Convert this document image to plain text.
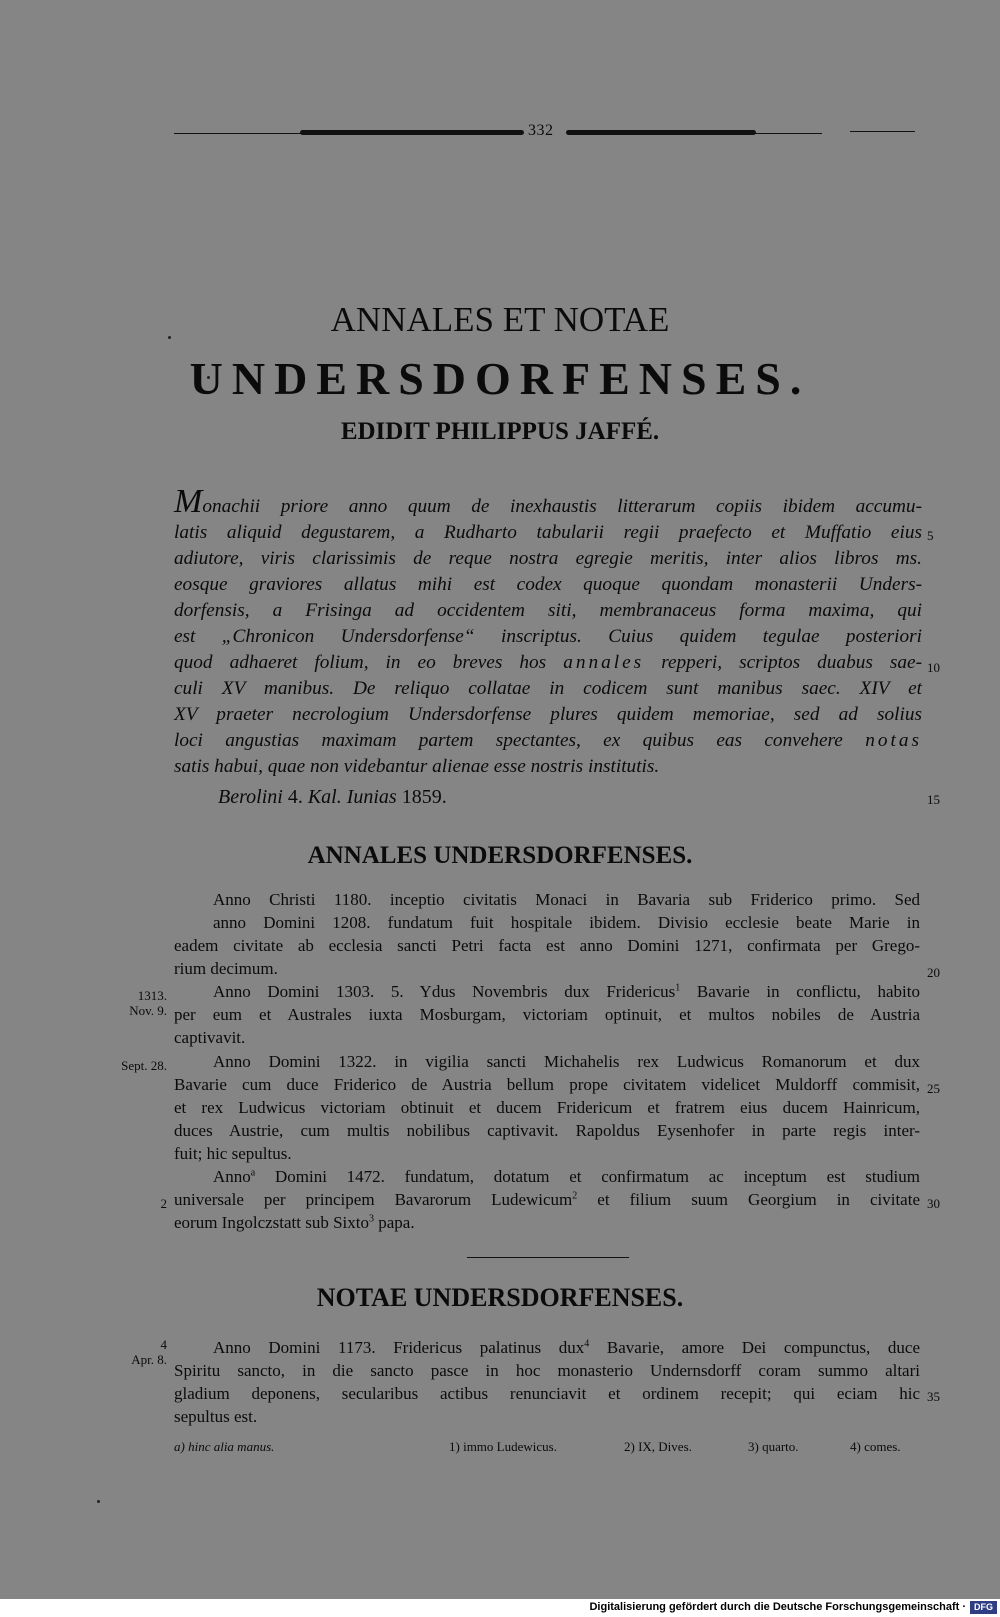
332
ANNALES ET NOTAE
UNDERSDORFENSES.
EDIDIT PHILIPPUS JAFFÉ.
Monachii priore anno quum de inexhaustis litterarum copiis ibidem accumu-
latis aliquid degustarem, a Rudharto tabularii regii praefecto et Muffatio eius
adiutore, viris clarissimis de reque nostra egregie meritis, inter alios libros ms.
eosque graviores allatus mihi est codex quoque quondam monasterii Unders-
dorfensis, a Frisinga ad occidentem siti, membranaceus forma maxima, qui
est „Chronicon Undersdorfense“ inscriptus. Cuius quidem tegulae posteriori
quod adhaeret folium, in eo breves hos annales repperi, scriptos duabus sae-
culi XV manibus. De reliquo collatae in codicem sunt manibus saec. XIV et
XV praeter necrologium Undersdorfense plures quidem memoriae, sed ad solius
loci angustias maximam partem spectantes, ex quibus eas convehere notas
satis habui, quae non videbantur alienae esse nostris institutis.
Berolini 4. Kal. Iunias 1859.
ANNALES UNDERSDORFENSES.
Anno Christi 1180. inceptio civitatis Monaci in Bavaria sub Friderico primo. Sed
anno Domini 1208. fundatum fuit hospitale ibidem. Divisio ecclesie beate Marie in
eadem civitate ab ecclesia sancti Petri facta est anno Domini 1271, confirmata per Grego-
rium decimum.
Anno Domini 1303. 5. Ydus Novembris dux Fridericus$^1$ Bavarie in conflictu, habito
per eum et Australes iuxta Mosburgam, victoriam optinuit, et multos nobiles de Austria
captivavit.
Anno Domini 1322. in vigilia sancti Michahelis rex Ludwicus Romanorum et dux
Bavarie cum duce Friderico de Austria bellum prope civitatem videlicet Muldorff commisit,
et rex Ludwicus victoriam obtinuit et ducem Fridericum et fratrem eius ducem Hainricum,
duces Austrie, cum multis nobilibus captivavit. Rapoldus Eysenhofer in parte regis inter-
fuit; hic sepultus.
Anno$^a$ Domini 1472. fundatum, dotatum et confirmatum ac inceptum est studium
universale per principem Bavarorum Ludewicum$^2$ et filium suum Georgium in civitate
eorum Ingolczstatt sub Sixto$^3$ papa.
NOTAE UNDERSDORFENSES.
Anno Domini 1173. Fridericus palatinus dux$^4$ Bavarie, amore Dei compunctus, duce
Spiritu sancto, in die sancto pasce in hoc monasterio Undernsdorff coram summo altari
gladium deponens, secularibus actibus renunciavit et ordinem recepit; qui eciam hic
sepultus est.
1313.
Nov. 9.
Sept. 28.
2
4
Apr. 8.
5
10
15
20
25
30
35
a) hinc alia manus.	1) immo Ludewicus.	2) IX, Dives.	3) quarto.	4) comes.
Digitalisierung gefördert durch die Deutsche Forschungsgemeinschaft · DFG
